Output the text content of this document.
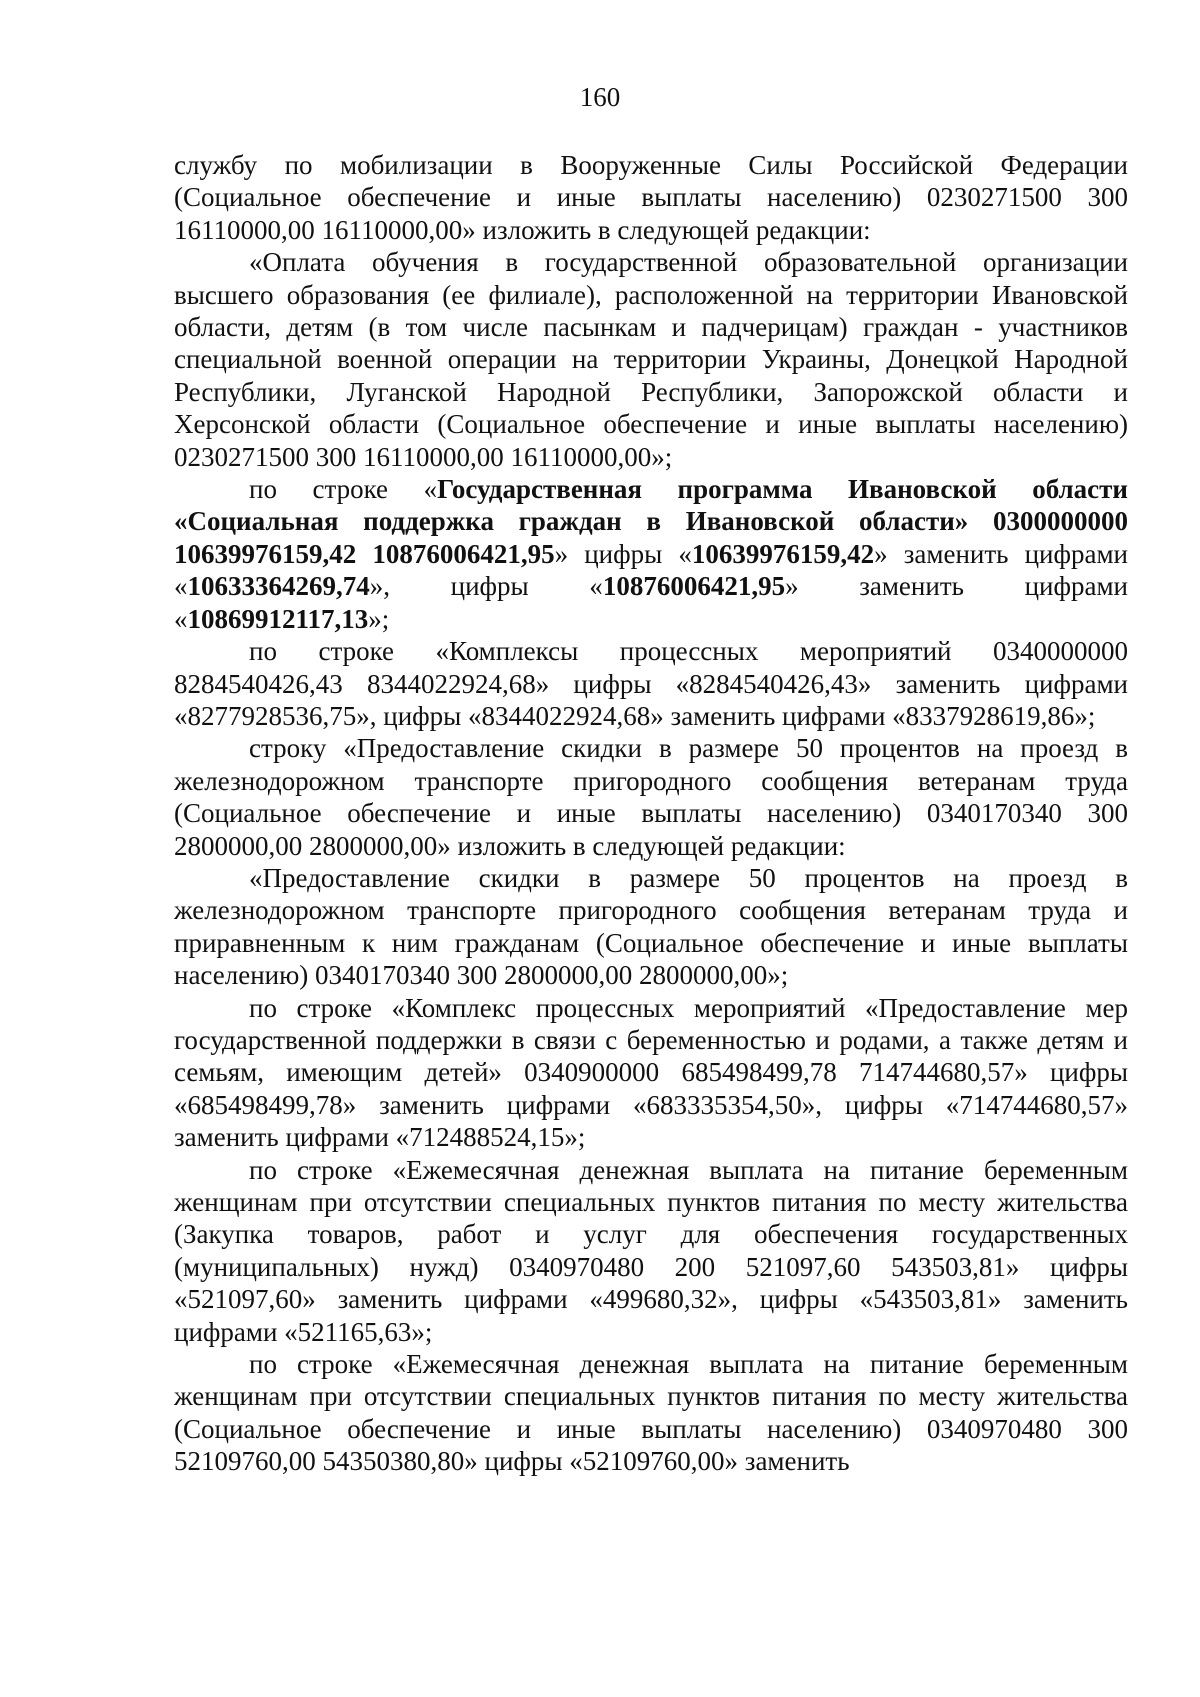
160

службу по мобилизации в Вооруженные Силы Российской Федерации (Социальное обеспечение и иные выплаты населению) 0230271500 300 16110000,00 16110000,00» изложить в следующей редакции:

«Оплата обучения в государственной образовательной организации высшего образования (ее филиале), расположенной на территории Ивановской области, детям (в том числе пасынкам и падчерицам) граждан - участников специальной военной операции на территории Украины, Донецкой Народной Республики, Луганской Народной Республики, Запорожской области и Херсонской области (Социальное обеспечение и иные выплаты населению) 0230271500 300 16110000,00 16110000,00»;

по строке «Государственная программа Ивановской области «Социальная поддержка граждан в Ивановской области» 0300000000 10639976159,42 10876006421,95» цифры «10639976159,42» заменить цифрами «10633364269,74», цифры «10876006421,95» заменить цифрами «10869912117,13»;

по строке «Комплексы процессных мероприятий 0340000000 8284540426,43 8344022924,68» цифры «8284540426,43» заменить цифрами «8277928536,75», цифры «8344022924,68» заменить цифрами «8337928619,86»;

строку «Предоставление скидки в размере 50 процентов на проезд в железнодорожном транспорте пригородного сообщения ветеранам труда (Социальное обеспечение и иные выплаты населению) 0340170340 300 2800000,00 2800000,00» изложить в следующей редакции:

«Предоставление скидки в размере 50 процентов на проезд в железнодорожном транспорте пригородного сообщения ветеранам труда и приравненным к ним гражданам (Социальное обеспечение и иные выплаты населению) 0340170340 300 2800000,00 2800000,00»;

по строке «Комплекс процессных мероприятий «Предоставление мер государственной поддержки в связи с беременностью и родами, а также детям и семьям, имеющим детей» 0340900000 685498499,78 714744680,57» цифры «685498499,78» заменить цифрами «683335354,50», цифры «714744680,57» заменить цифрами «712488524,15»;

по строке «Ежемесячная денежная выплата на питание беременным женщинам при отсутствии специальных пунктов питания по месту жительства (Закупка товаров, работ и услуг для обеспечения государственных (муниципальных) нужд) 0340970480 200 521097,60 543503,81» цифры «521097,60» заменить цифрами «499680,32», цифры «543503,81» заменить цифрами «521165,63»;

по строке «Ежемесячная денежная выплата на питание беременным женщинам при отсутствии специальных пунктов питания по месту жительства (Социальное обеспечение и иные выплаты населению) 0340970480 300 52109760,00 54350380,80» цифры «52109760,00» заменить
